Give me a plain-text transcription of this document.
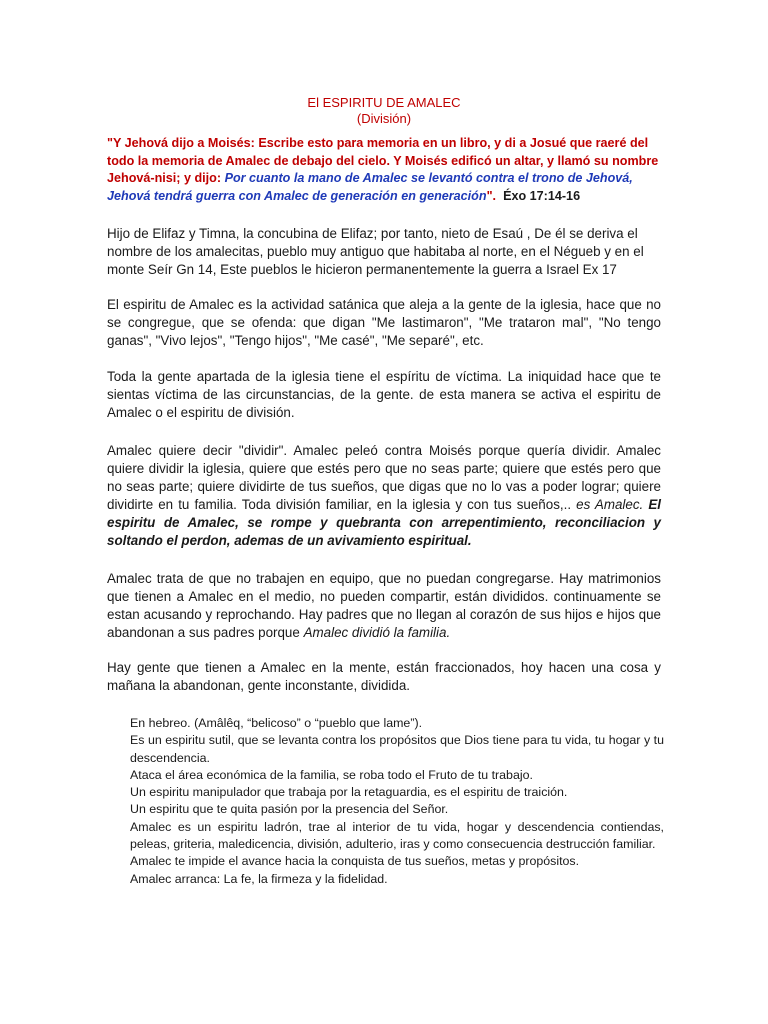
El ESPIRITU DE AMALEC
(División)
"Y Jehová dijo a Moisés: Escribe esto para memoria en un libro, y di a Josué que raeré del todo la memoria de Amalec de debajo del cielo. Y Moisés edificó un altar, y llamó su nombre Jehová-nisi; y dijo: Por cuanto la mano de Amalec se levantó contra el trono de Jehová, Jehová tendrá guerra con Amalec de generación en generación". Éxo 17:14-16
Hijo de Elifaz y Timna, la concubina de Elifaz; por tanto, nieto de Esaú , De él se deriva el nombre de los amalecitas, pueblo muy antiguo que habitaba al norte, en el Négueb y en el monte Seír Gn 14, Este pueblos le hicieron permanentemente la guerra a Israel Ex 17
El espiritu de Amalec es la actividad satánica que aleja a la gente de la iglesia, hace que no se congregue, que se ofenda: que digan "Me lastimaron", "Me trataron mal", "No tengo ganas", "Vivo lejos", "Tengo hijos", "Me casé", "Me separé", etc.
Toda la gente apartada de la iglesia tiene el espíritu de víctima. La iniquidad hace que te sientas víctima de las circunstancias, de la gente. de esta manera se activa el espiritu de Amalec o el espiritu de división.
Amalec quiere decir "dividir". Amalec peleó contra Moisés porque quería dividir. Amalec quiere dividir la iglesia, quiere que estés pero que no seas parte; quiere que estés pero que no seas parte; quiere dividirte de tus sueños, que digas que no lo vas a poder lograr; quiere dividirte en tu familia. Toda división familiar, en la iglesia y con tus sueños,.. es Amalec. El espiritu de Amalec, se rompe y quebranta con arrepentimiento, reconciliacion y soltando el perdon, ademas de un avivamiento espiritual.
Amalec trata de que no trabajen en equipo, que no puedan congregarse. Hay matrimonios que tienen a Amalec en el medio, no pueden compartir, están divididos. continuamente se estan acusando y reprochando. Hay padres que no llegan al corazón de sus hijos e hijos que abandonan a sus padres porque Amalec dividió la familia.
Hay gente que tienen a Amalec en la mente, están fraccionados, hoy hacen una cosa y mañana la abandonan, gente inconstante, dividida.
En hebreo. (Amâlêq, “belicoso” o “pueblo que lame”).
Es un espiritu sutil, que se levanta contra los propósitos que Dios tiene para tu vida, tu hogar y tu descendencia.
Ataca el área económica de la familia, se roba todo el Fruto de tu trabajo.
Un espiritu manipulador que trabaja por la retaguardia, es el espiritu de traición.
Un espiritu que te quita pasión por la presencia del Señor.
Amalec es un espiritu ladrón, trae al interior de tu vida, hogar y descendencia contiendas, peleas, griteria, maledicencia, división, adulterio, iras y como consecuencia destrucción familiar.
Amalec te impide el avance hacia la conquista de tus sueños, metas y propósitos.
Amalec arranca: La fe, la firmeza y la fidelidad.
